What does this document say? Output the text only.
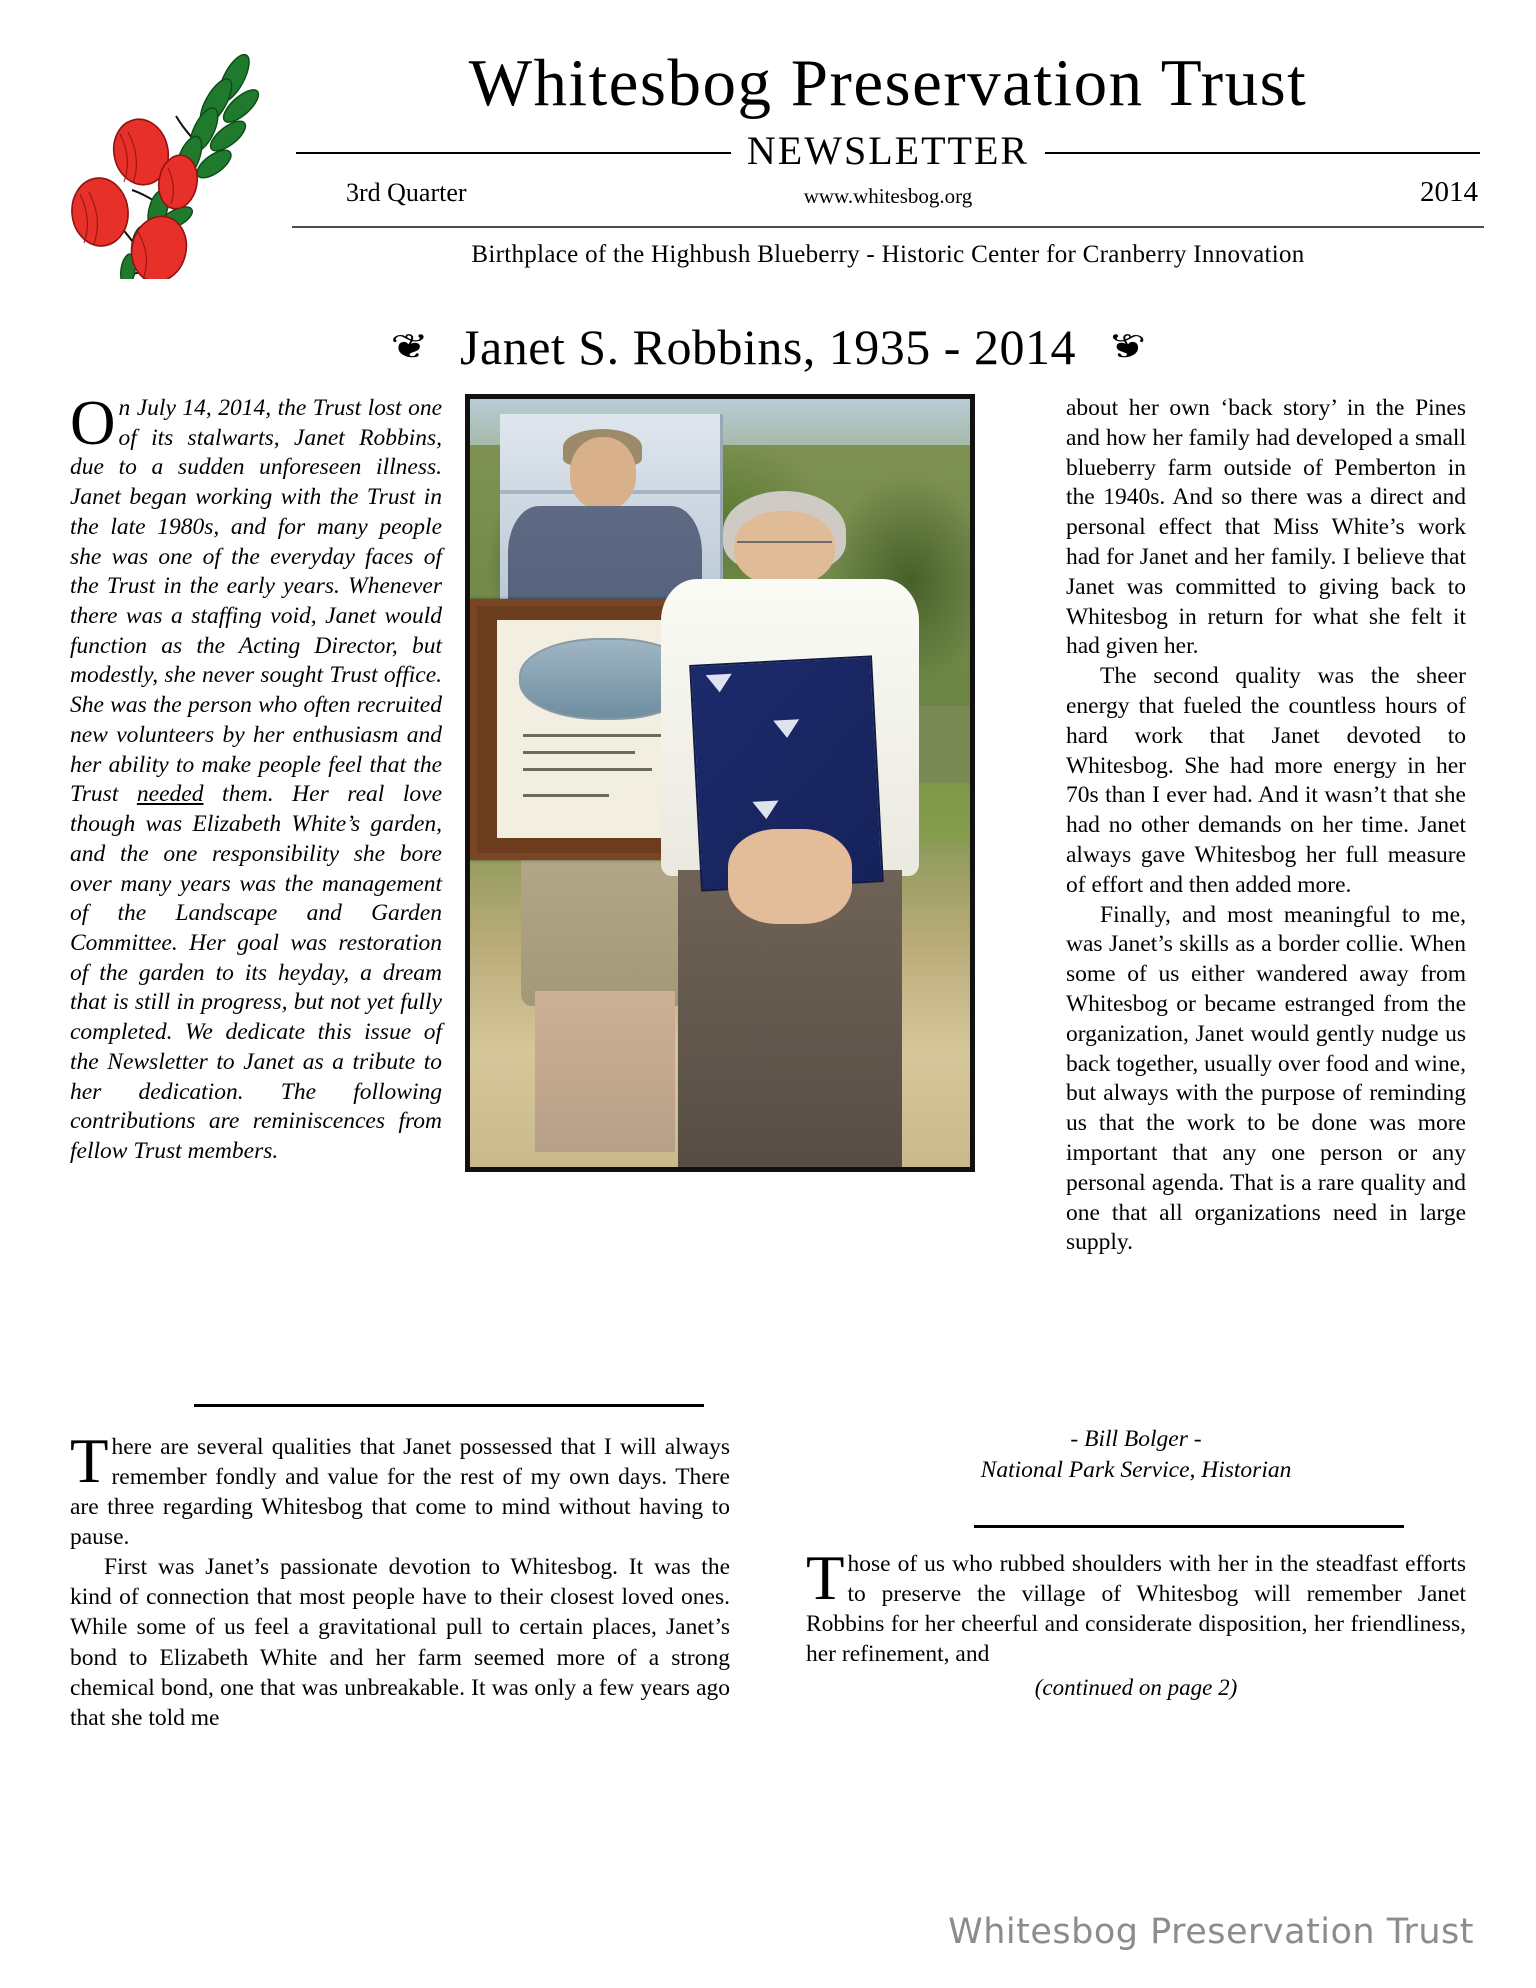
Whitesbog Preservation Trust
NEWSLETTER
3rd Quarter	www.whitesbog.org	2014
Birthplace of the Highbush Blueberry - Historic Center for Cranberry Innovation
❦ Janet S. Robbins, 1935 - 2014 ❦
On July 14, 2014, the Trust lost one of its stalwarts, Janet Robbins, due to a sudden unforeseen illness. Janet began working with the Trust in the late 1980s, and for many people she was one of the everyday faces of the Trust in the early years. Whenever there was a staffing void, Janet would function as the Acting Director, but modestly, she never sought Trust office. She was the person who often recruited new volunteers by her enthusiasm and her ability to make people feel that the Trust needed them. Her real love though was Elizabeth White’s garden, and the one responsibility she bore over many years was the management of the Landscape and Garden Committee. Her goal was restoration of the garden to its heyday, a dream that is still in progress, but not yet fully completed. We dedicate this issue of the Newsletter to Janet as a tribute to her dedication. The following contributions are reminiscences from fellow Trust members.
about her own ‘back story’ in the Pines and how her family had developed a small blueberry farm outside of Pemberton in the 1940s. And so there was a direct and personal effect that Miss White’s work had for Janet and her family. I believe that Janet was committed to giving back to Whitesbog in return for what she felt it had given her.
The second quality was the sheer energy that fueled the countless hours of hard work that Janet devoted to Whitesbog. She had more energy in her 70s than I ever had. And it wasn’t that she had no other demands on her time. Janet always gave Whitesbog her full measure of effort and then added more.
Finally, and most meaningful to me, was Janet’s skills as a border collie. When some of us either wandered away from Whitesbog or became estranged from the organization, Janet would gently nudge us back together, usually over food and wine, but always with the purpose of reminding us that the work to be done was more important that any one person or any personal agenda. That is a rare quality and one that all organizations need in large supply.
There are several qualities that Janet possessed that I will always remember fondly and value for the rest of my own days. There are three regarding Whitesbog that come to mind without having to pause.
First was Janet’s passionate devotion to Whitesbog. It was the kind of connection that most people have to their closest loved ones. While some of us feel a gravitational pull to certain places, Janet’s bond to Elizabeth White and her farm seemed more of a strong chemical bond, one that was unbreakable. It was only a few years ago that she told me
- Bill Bolger -
National Park Service, Historian
Those of us who rubbed shoulders with her in the steadfast efforts to preserve the village of Whitesbog will remember Janet Robbins for her cheerful and considerate disposition, her friendliness, her refinement, and
(continued on page 2)
Whitesbog Preservation Trust
